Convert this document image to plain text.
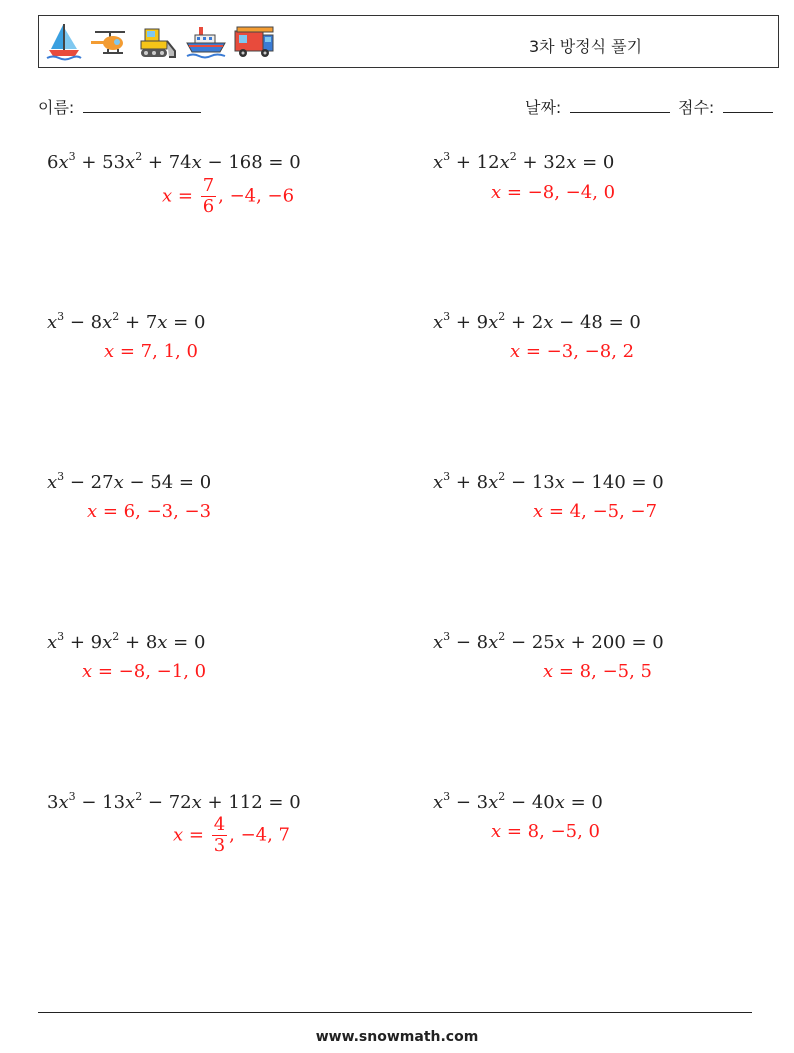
3차 방정식 풀기
이름:	날짜:	점수:
$6x^3 + 53x^2 + 74x - 168 = 0$
$x = \frac{7}{6}$ , −4, −6
$x^3 + 12x^2 + 32x = 0$
x = −8, −4, 0
$x^3 - 8x^2 + 7x = 0$
x = 7, 1, 0
$x^3 + 9x^2 + 2x - 48 = 0$
x = −3, −8, 2
$x^3 - 27x - 54 = 0$
x = 6, −3, −3
$x^3 + 8x^2 - 13x - 140 = 0$
x = 4, −5, −7
$x^3 + 9x^2 + 8x = 0$
x = −8, −1, 0
$x^3 - 8x^2 - 25x + 200 = 0$
x = 8, −5, 5
$3x^3 - 13x^2 - 72x + 112 = 0$
$x = \frac{4}{3}$ , −4, 7
$x^3 - 3x^2 - 40x = 0$
x = 8, −5, 0
www.snowmath.com
